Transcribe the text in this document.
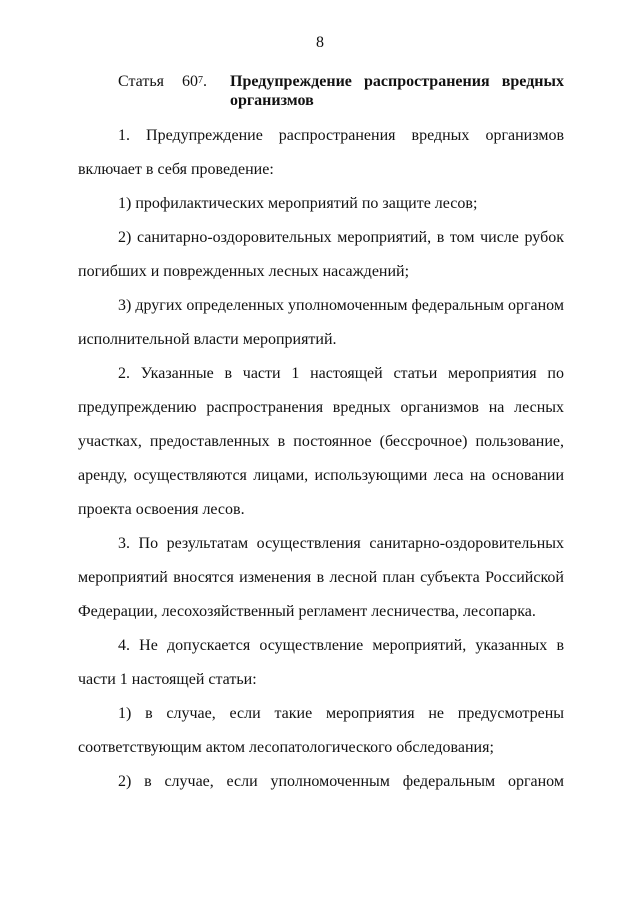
8
Статья $60^7$. Предупреждение распространения вредных
организмов

1. Предупреждение распространения вредных организмов включает в себя проведение:

1) профилактических мероприятий по защите лесов;

2) санитарно-оздоровительных мероприятий, в том числе рубок погибших и поврежденных лесных насаждений;

3) других определенных уполномоченным федеральным органом исполнительной власти мероприятий.

2. Указанные в части 1 настоящей статьи мероприятия по предупреждению распространения вредных организмов на лесных участках, предоставленных в постоянное (бессрочное) пользование, аренду, осуществляются лицами, использующими леса на основании проекта освоения лесов.

3. По результатам осуществления санитарно-оздоровительных мероприятий вносятся изменения в лесной план субъекта Российской Федерации, лесохозяйственный регламент лесничества, лесопарка.

4. Не допускается осуществление мероприятий, указанных в части 1 настоящей статьи:

1) в случае, если такие мероприятия не предусмотрены соответствующим актом лесопатологического обследования;

2) в случае, если уполномоченным федеральным органом
